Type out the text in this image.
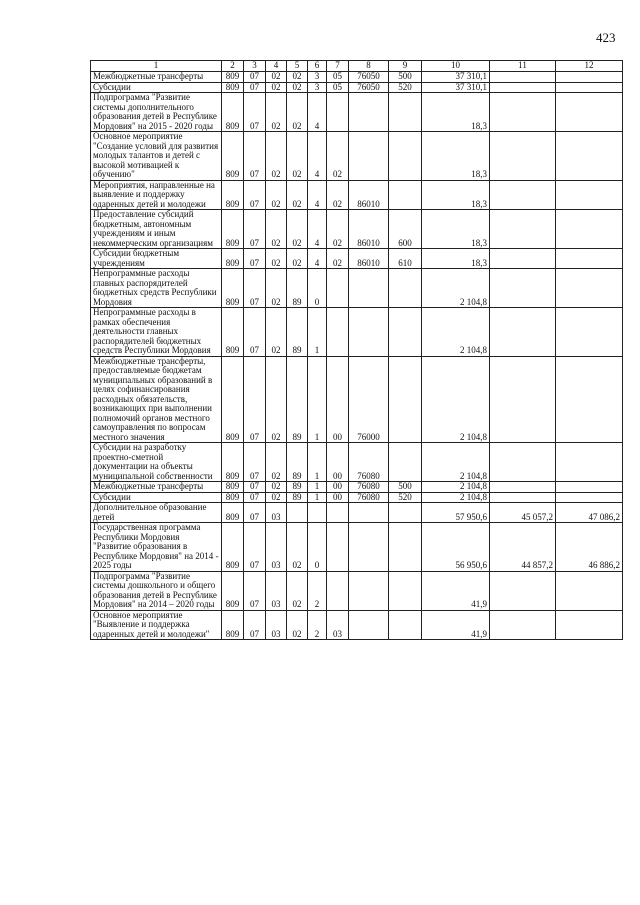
423
1	2	3	4	5	6	7	8	9	10	11	12
Межбюджетные трансферты	809	07	02	02	3	05	76050	500	37 310,1		
Субсидии	809	07	02	02	3	05	76050	520	37 310,1		
Подпрограмма "Развитие системы дополнительного образования детей в Республике Мордовия" на 2015 - 2020 годы	809	07	02	02	4				18,3		
Основное мероприятие "Создание условий для развития молодых талантов и детей с высокой мотивацией к обучению"	809	07	02	02	4	02			18,3		
Мероприятия, направленные на выявление и поддержку одаренных детей и молодежи	809	07	02	02	4	02	86010		18,3		
Предоставление субсидий бюджетным, автономным учреждениям и иным некоммерческим организациям	809	07	02	02	4	02	86010	600	18,3		
Субсидии бюджетным учреждениям	809	07	02	02	4	02	86010	610	18,3		
Непрограммные расходы главных распорядителей бюджетных средств Республики Мордовия	809	07	02	89	0				2 104,8		
Непрограммные расходы в рамках обеспечения деятельности главных распорядителей бюджетных средств Республики Мордовия	809	07	02	89	1				2 104,8		
Межбюджетные трансферты, предоставляемые бюджетам муниципальных образований в целях софинансирования расходных обязательств, возникающих при выполнении полномочий органов местного самоуправления по вопросам местного значения	809	07	02	89	1	00	76000		2 104,8		
Субсидии на разработку проектно-сметной документации на объекты муниципальной собственности	809	07	02	89	1	00	76080		2 104,8		
Межбюджетные трансферты	809	07	02	89	1	00	76080	500	2 104,8		
Субсидии	809	07	02	89	1	00	76080	520	2 104,8		
Дополнительное образование детей	809	07	03						57 950,6	45 057,2	47 086,2
Государственная программа Республики Мордовия "Развитие образования в Республике Мордовия" на 2014 - 2025 годы	809	07	03	02	0				56 950,6	44 857,2	46 886,2
Подпрограмма "Развитие системы дошкольного и общего образования детей в Республике Мордовия" на 2014 – 2020 годы	809	07	03	02	2				41,9		
Основное мероприятие "Выявление и поддержка одаренных детей и молодежи"	809	07	03	02	2	03			41,9		
